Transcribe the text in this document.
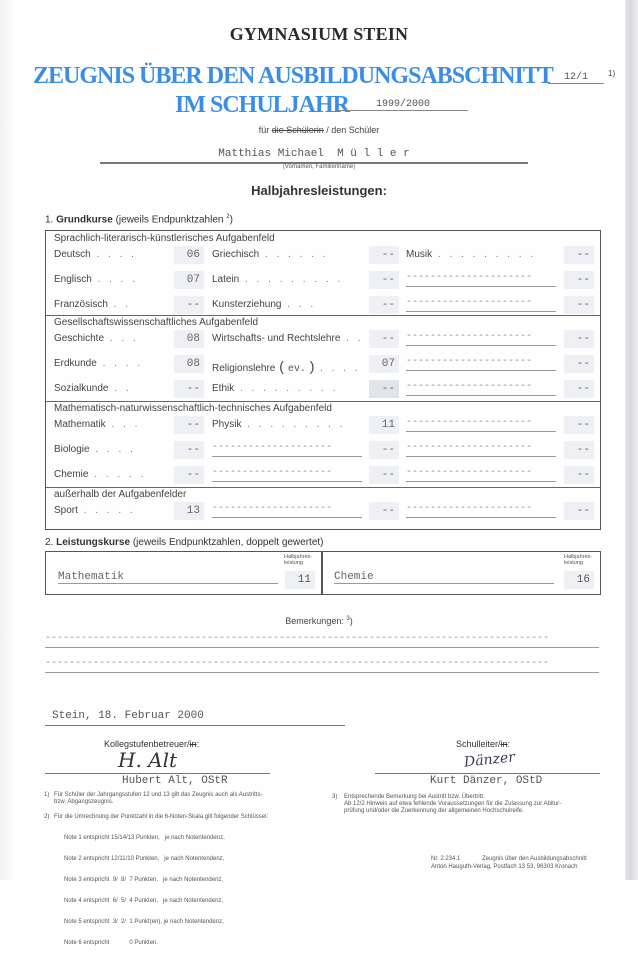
GYMNASIUM STEIN
ZEUGNIS ÜBER DEN AUSBILDUNGSABSCHNITT	12/1	1)
IM SCHULJAHR	1999/2000
für die Schülerin / den Schüler
Matthias Michael  M ü l l e r
(Vornamen, Familienname)
Halbjahresleistungen:
1. Grundkurse (jeweils Endpunktzahlen $^2$)
Sprachlich-literarisch-künstlerisches Aufgabenfeld
Deutsch . . . .	06	Griechisch . . . . . .	--	Musik . . . . . . . . .	--
Englisch . . . .	07	Latein . . . . . . . . .	--	---------------------	--
Französisch . .	--	Kunsterziehung . . .	--	---------------------	--
Gesellschaftswissenschaftliches Aufgabenfeld
Geschichte . . .	08	Wirtschafts- und Rechtslehre . .	--	---------------------	--
Erdkunde . . . .	08	Religionslehre ( ev. ) . . . .	07	---------------------	--
Sozialkunde . .	--	Ethik . . . . . . . . .	--	---------------------	--
Mathematisch-naturwissenschaftlich-technisches Aufgabenfeld
Mathematik . . .	--	Physik . . . . . . . . .	11	---------------------	--
Biologie . . . .	--	--------------------	--	---------------------	--
Chemie . . . . .	--	--------------------	--	---------------------	--
außerhalb der Aufgabenfelder
Sport . . . . .	13	--------------------	--	---------------------	--
2. Leistungskurse (jeweils Endpunktzahlen, doppelt gewertet)
Halbjahres-
leistung
Mathematik	11
Halbjahres-
leistung
Chemie	16
Bemerkungen: $^3$)
------------------------------------------------------------------------------------
------------------------------------------------------------------------------------
Stein, 18. Februar 2000
Kollegstufenbetreuer/in:
H. Alt
Hubert Alt, OStR
Schulleiter/in:
Dänzer
Kurt Dänzer, OStD
1) Für Schüler der Jahrgangsstufen 12 und 13 gilt das Zeugnis auch als Austritts-
bzw. Abgangszeugnis.
2) Für die Umrechnung der Punktzahl in die 6-Noten-Skala gilt folgender Schlüssel:

Note 1 entspricht 15/14/13 Punkten,   je nach Notentendenz,

Note 2 entspricht 12/11/10 Punkten,   je nach Notentendenz,

Note 3 entspricht  9/  8/  7 Punkten,   je nach Notentendenz,

Note 4 entspricht  6/  5/  4 Punkten,   je nach Notentendenz,

Note 5 entspricht  3/  2/  1 Punkt(en), je nach Notentendenz,

Note 6 entspricht            0 Punkten.

3) Entsprechende Bemerkung bei Austritt bzw. Übertritt.
Ab 12/2 Hinweis auf etwa fehlende Voraussetzungen für die Zulassung zur Abitur-
prüfung und/oder die Zuerkennung der allgemeinen Hochschulreife.
Nr. 2.234.1	Zeugnis über den Ausbildungsabschnitt
Anton Hauguth-Verlag, Postfach 13 53, 96303 Kronach
